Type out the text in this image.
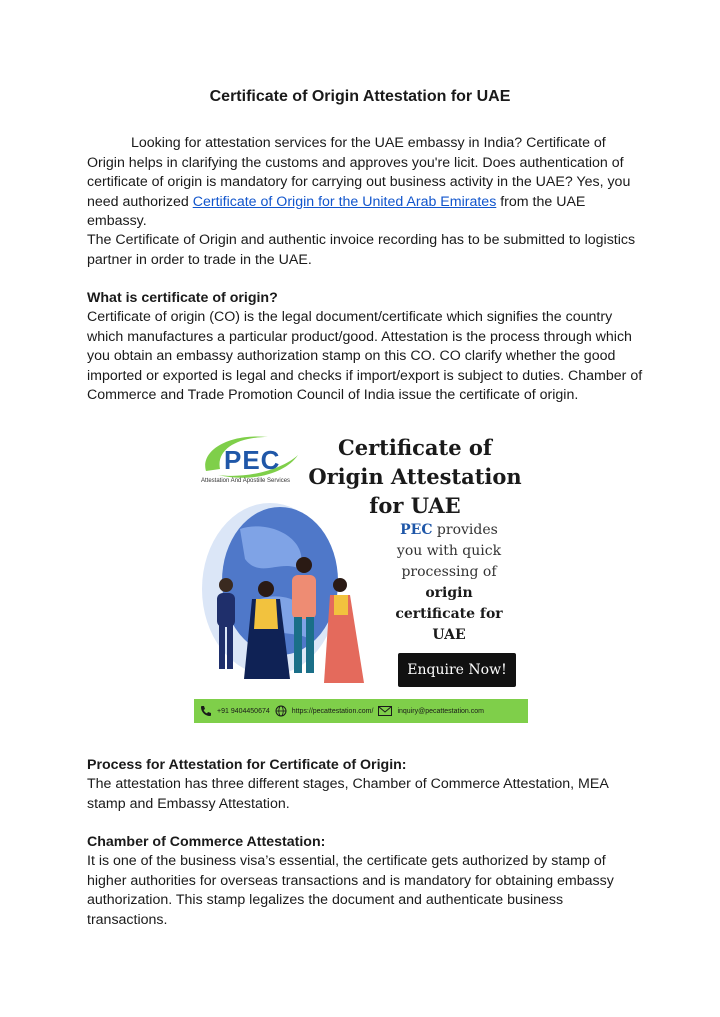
Certificate of Origin Attestation for UAE

Looking for attestation services for the UAE embassy in India? Certificate of Origin helps in clarifying the customs and approves you're licit. Does authentication of certificate of origin is mandatory for carrying out business activity in the UAE? Yes, you need authorized Certificate of Origin for the United Arab Emirates from the UAE embassy.

The Certificate of Origin and authentic invoice recording has to be submitted to logistics partner in order to trade in the UAE.

What is certificate of origin?

Certificate of origin (CO) is the legal document/certificate which signifies the country which manufactures a particular product/good. Attestation is the process through which you obtain an embassy authorization stamp on this CO. CO clarify whether the good imported or exported is legal and checks if import/export is subject to duties. Chamber of Commerce and Trade Promotion Council of India issue the certificate of origin.

Process for Attestation for Certificate of Origin:

The attestation has three different stages, Chamber of Commerce Attestation, MEA stamp and Embassy Attestation.

Chamber of Commerce Attestation:

It is one of the business visa’s essential, the certificate gets authorized by stamp of higher authorities for overseas transactions and is mandatory for obtaining embassy authorization. This stamp legalizes the document and authenticate business transactions.

PEC
Attestation And Apostille Services
Certificate of
Origin Attestation
for UAE
PEC provides
you with quick
processing of
origin
certificate for
UAE
Enquire Now!
+91 9404450674	https://pecattestation.com/	inquiry@pecattestation.com
